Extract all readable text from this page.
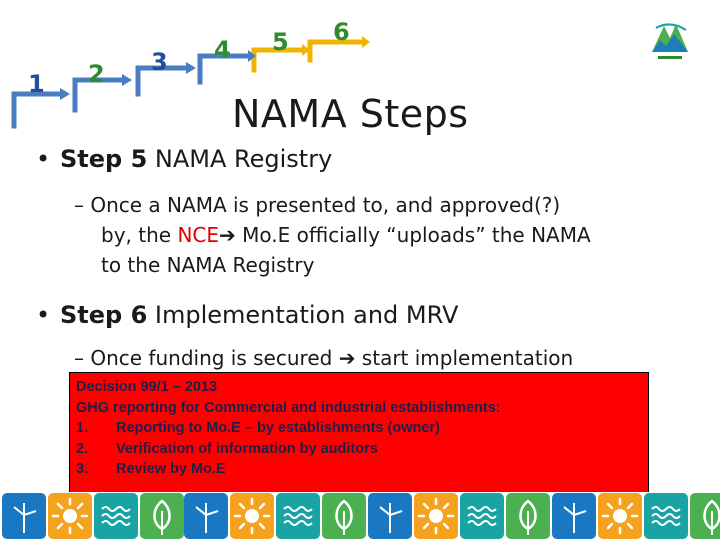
1 2 3 4 5 6
NAMA Steps
• Step 5 NAMA Registry
– Once a NAMA is presented to, and approved(?)
by, the NCE➔ Mo.E officially “uploads” the NAMA
to the NAMA Registry
• Step 6 Implementation and MRV
– Once funding is secured ➔ start implementation
Decision 99/1 – 2013
GHG reporting for Commercial and industrial establishments:
1.	Reporting to Mo.E – by establishments (owner)
2.	Verification of information by auditors
3.	Review by Mo.E
